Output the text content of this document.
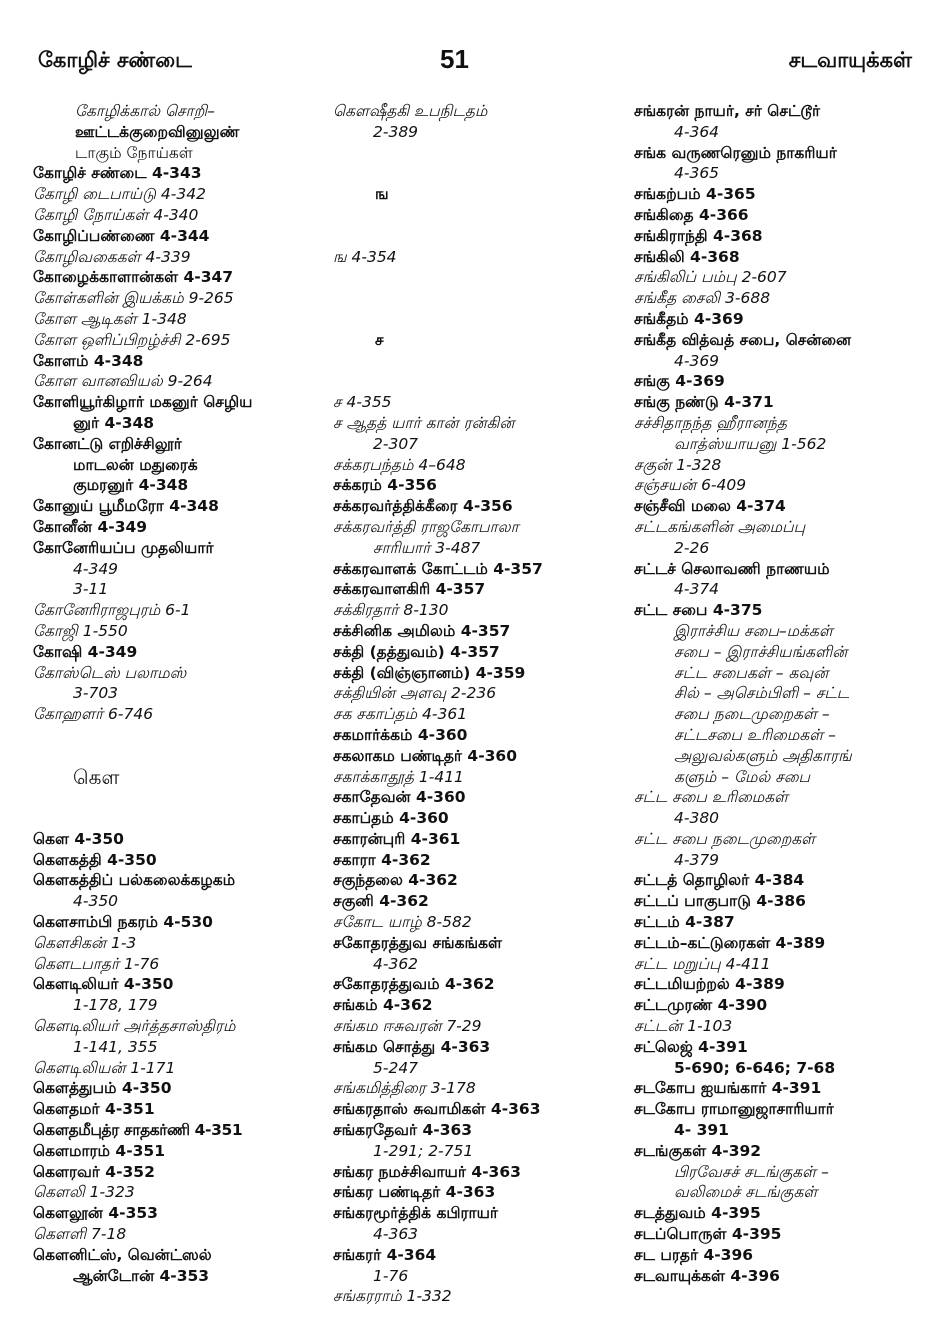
கோழிச் சண்டை	51	சடவாயுக்கள்
கோழிக்கால் சொறி–
ஊட்டக்குறைவினுலுண்
டாகும் நோய்கள்
கோழிச் சண்டை 4-343
கோழி டைபாய்டு 4-342
கோழி நோய்கள் 4-340
கோழிப்பண்ணை 4-344
கோழிவகைகள் 4-339
கோழைக்காளான்கள் 4-347
கோள்களின் இயக்கம் 9-265
கோள ஆடிகள் 1-348
கோள ஒளிப்பிறழ்ச்சி 2-695
கோளம் 4-348
கோள வானவியல் 9-264
கோளியூர்கிழார் மகனுர் செழிய
னுர் 4-348
கோனட்டு எறிச்சிலூர்
மாடலன் மதுரைக்
குமரனுர் 4-348
கோனுய் பூமீமரோ 4-348
கோனீன் 4-349
கோனேரியப்ப முதலியார்
4-349
3-11
கோனேரிராஜபுரம் 6-1
கோஜி 1-550
கோஷி 4-349
கோஸ்டெஸ் பலாமஸ்
3-703
கோஹளர் 6-746
கௌ
கௌ 4-350
கௌகத்தி 4-350
கௌகத்திப் பல்கலைக்கழகம்
4-350
கௌசாம்பி நகரம் 4-530
கௌசிகன் 1-3
கௌடபாதர் 1-76
கௌடிலியர் 4-350
1-178, 179
கௌடிலியர் அர்த்தசாஸ்திரம்
1-141, 355
கௌடிலியன் 1-171
கௌத்துபம் 4-350
கௌதமர் 4-351
கௌதமீபுத்ர சாதகர்ணி 4-351
கௌமாரம் 4-351
கௌரவர் 4-352
கௌலி 1-323
கௌலூன் 4-353
கௌளி 7-18
கௌனிட்ஸ், வென்ட்ஸல்
ஆன்டோன் 4-353
கௌஷீதகி உபநிடதம்
2-389
ங
ங 4-354
ச
ச 4-355
ச ஆதத் யார் கான் ரன்கின்
2-307
சக்கரபந்தம் 4–648
சக்கரம் 4-356
சக்கரவர்த்திக்கீரை 4-356
சக்கரவர்த்தி ராஜகோபாலா
சாரியார் 3-487
சக்கரவாளக் கோட்டம் 4-357
சக்கரவாளகிரி 4-357
சக்கிரதார் 8-130
சக்சினிக அமிலம் 4-357
சக்தி (தத்துவம்) 4-357
சக்தி (விஞ்ஞானம்) 4-359
சக்தியின் அளவு 2-236
சக சகாப்தம் 4-361
சகமார்க்கம் 4-360
சகலாகம பண்டிதர் 4-360
சகாக்காதூத் 1-411
சகாதேவன் 4-360
சகாப்தம் 4-360
சகாரன்புரி 4-361
சகாரா 4-362
சகுந்தலை 4-362
சகுனி 4-362
சகோட யாழ் 8-582
சகோதரத்துவ சங்கங்கள்
4-362
சகோதரத்துவம் 4-362
சங்கம் 4-362
சங்கம ஈசுவரன் 7-29
சங்கம சொத்து 4-363
5-247
சங்கமித்திரை 3-178
சங்கரதாஸ் சுவாமிகள் 4-363
சங்கரதேவர் 4-363
1-291; 2-751
சங்கர நமச்சிவாயர் 4-363
சங்கர பண்டிதர் 4-363
சங்கரமூர்த்திக் கபிராயர்
4-363
சங்கரர் 4-364
1-76
சங்கரராம் 1-332
சங்கரன் நாயர், சர் செட்டூர்
4-364
சங்க வருணரெனும் நாகரியர்
4-365
சங்கற்பம் 4-365
சங்கிதை 4-366
சங்கிராந்தி 4-368
சங்கிலி 4-368
சங்கிலிப் பம்பு 2-607
சங்கீத சைலி 3-688
சங்கீதம் 4-369
சங்கீத வித்வத் சபை, சென்னை
4-369
சங்கு 4-369
சங்கு நண்டு 4-371
சச்சிதாநந்த ஹீரானந்த
வாத்ஸ்யாயனு 1-562
சகுன் 1-328
சஞ்சயன் 6-409
சஞ்சீவி மலை 4-374
சட்டகங்களின் அமைப்பு
2-26
சட்டச் செலாவணி நாணயம்
4-374
சட்ட சபை 4-375
இராச்சிய சபை–மக்கள்
சபை – இராச்சியங்களின்
சட்ட சபைகள் – கவுன்
சில் – அசெம்பிளி – சட்ட
சபை நடைமுறைகள் –
சட்டசபை உரிமைகள் –
அலுவல்களும் அதிகாரங்
களும் – மேல் சபை
சட்ட சபை உரிமைகள்
4-380
சட்ட சபை நடைமுறைகள்
4-379
சட்டத் தொழிலர் 4-384
சட்டப் பாகுபாடு 4-386
சட்டம் 4-387
சட்டம்–கட்டுரைகள் 4-389
சட்ட மறுப்பு 4-411
சட்டமியற்றல் 4-389
சட்டமுரண் 4-390
சட்டன் 1-103
சட்லெஜ் 4-391
5-690; 6-646; 7-68
சடகோப ஐயங்கார் 4-391
சடகோப ராமானுஜாசாரியார்
4- 391
சடங்குகள் 4-392
பிரவேசச் சடங்குகள் –
வலிமைச் சடங்குகள்
சடத்துவம் 4-395
சடப்பொருள் 4-395
சட பரதர் 4-396
சடவாயுக்கள் 4-396
